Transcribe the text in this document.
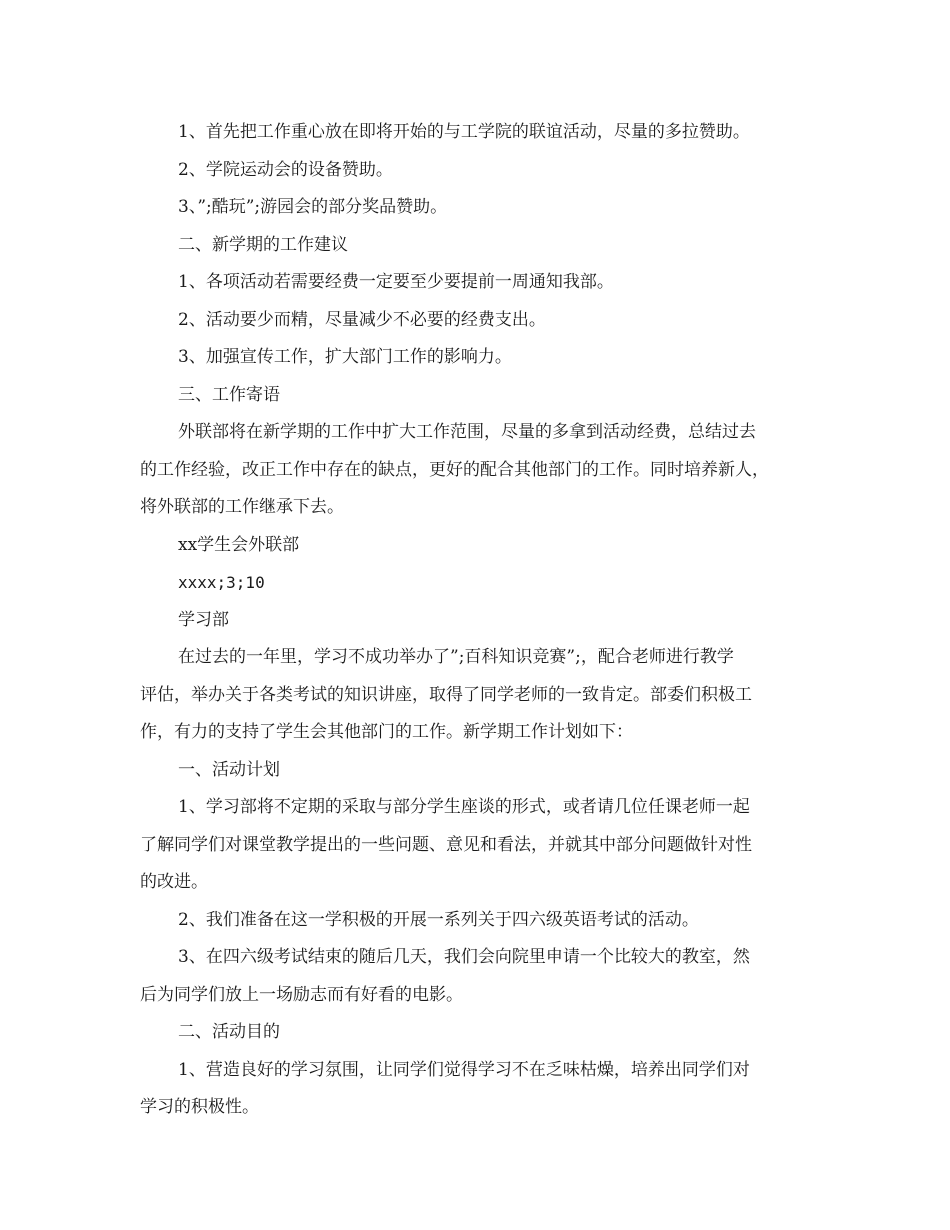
1、首先把工作重心放在即将开始的与工学院的联谊活动，尽量的多拉赞助。
2、学院运动会的设备赞助。
3、”;酷玩”;游园会的部分奖品赞助。
二、新学期的工作建议
1、各项活动若需要经费一定要至少要提前一周通知我部。
2、活动要少而精，尽量减少不必要的经费支出。
3、加强宣传工作，扩大部门工作的影响力。
三、工作寄语
外联部将在新学期的工作中扩大工作范围，尽量的多拿到活动经费，总结过去
的工作经验，改正工作中存在的缺点，更好的配合其他部门的工作。同时培养新人，
将外联部的工作继承下去。
xx学生会外联部
xxxx;3;10
学习部
在过去的一年里，学习不成功举办了”;百科知识竞赛”;，配合老师进行教学
评估，举办关于各类考试的知识讲座，取得了同学老师的一致肯定。部委们积极工
作，有力的支持了学生会其他部门的工作。新学期工作计划如下：
一、活动计划
1、学习部将不定期的采取与部分学生座谈的形式，或者请几位任课老师一起
了解同学们对课堂教学提出的一些问题、意见和看法，并就其中部分问题做针对性
的改进。
2、我们准备在这一学积极的开展一系列关于四六级英语考试的活动。
3、在四六级考试结束的随后几天，我们会向院里申请一个比较大的教室，然
后为同学们放上一场励志而有好看的电影。
二、活动目的
1、营造良好的学习氛围，让同学们觉得学习不在乏味枯燥，培养出同学们对
学习的积极性。
